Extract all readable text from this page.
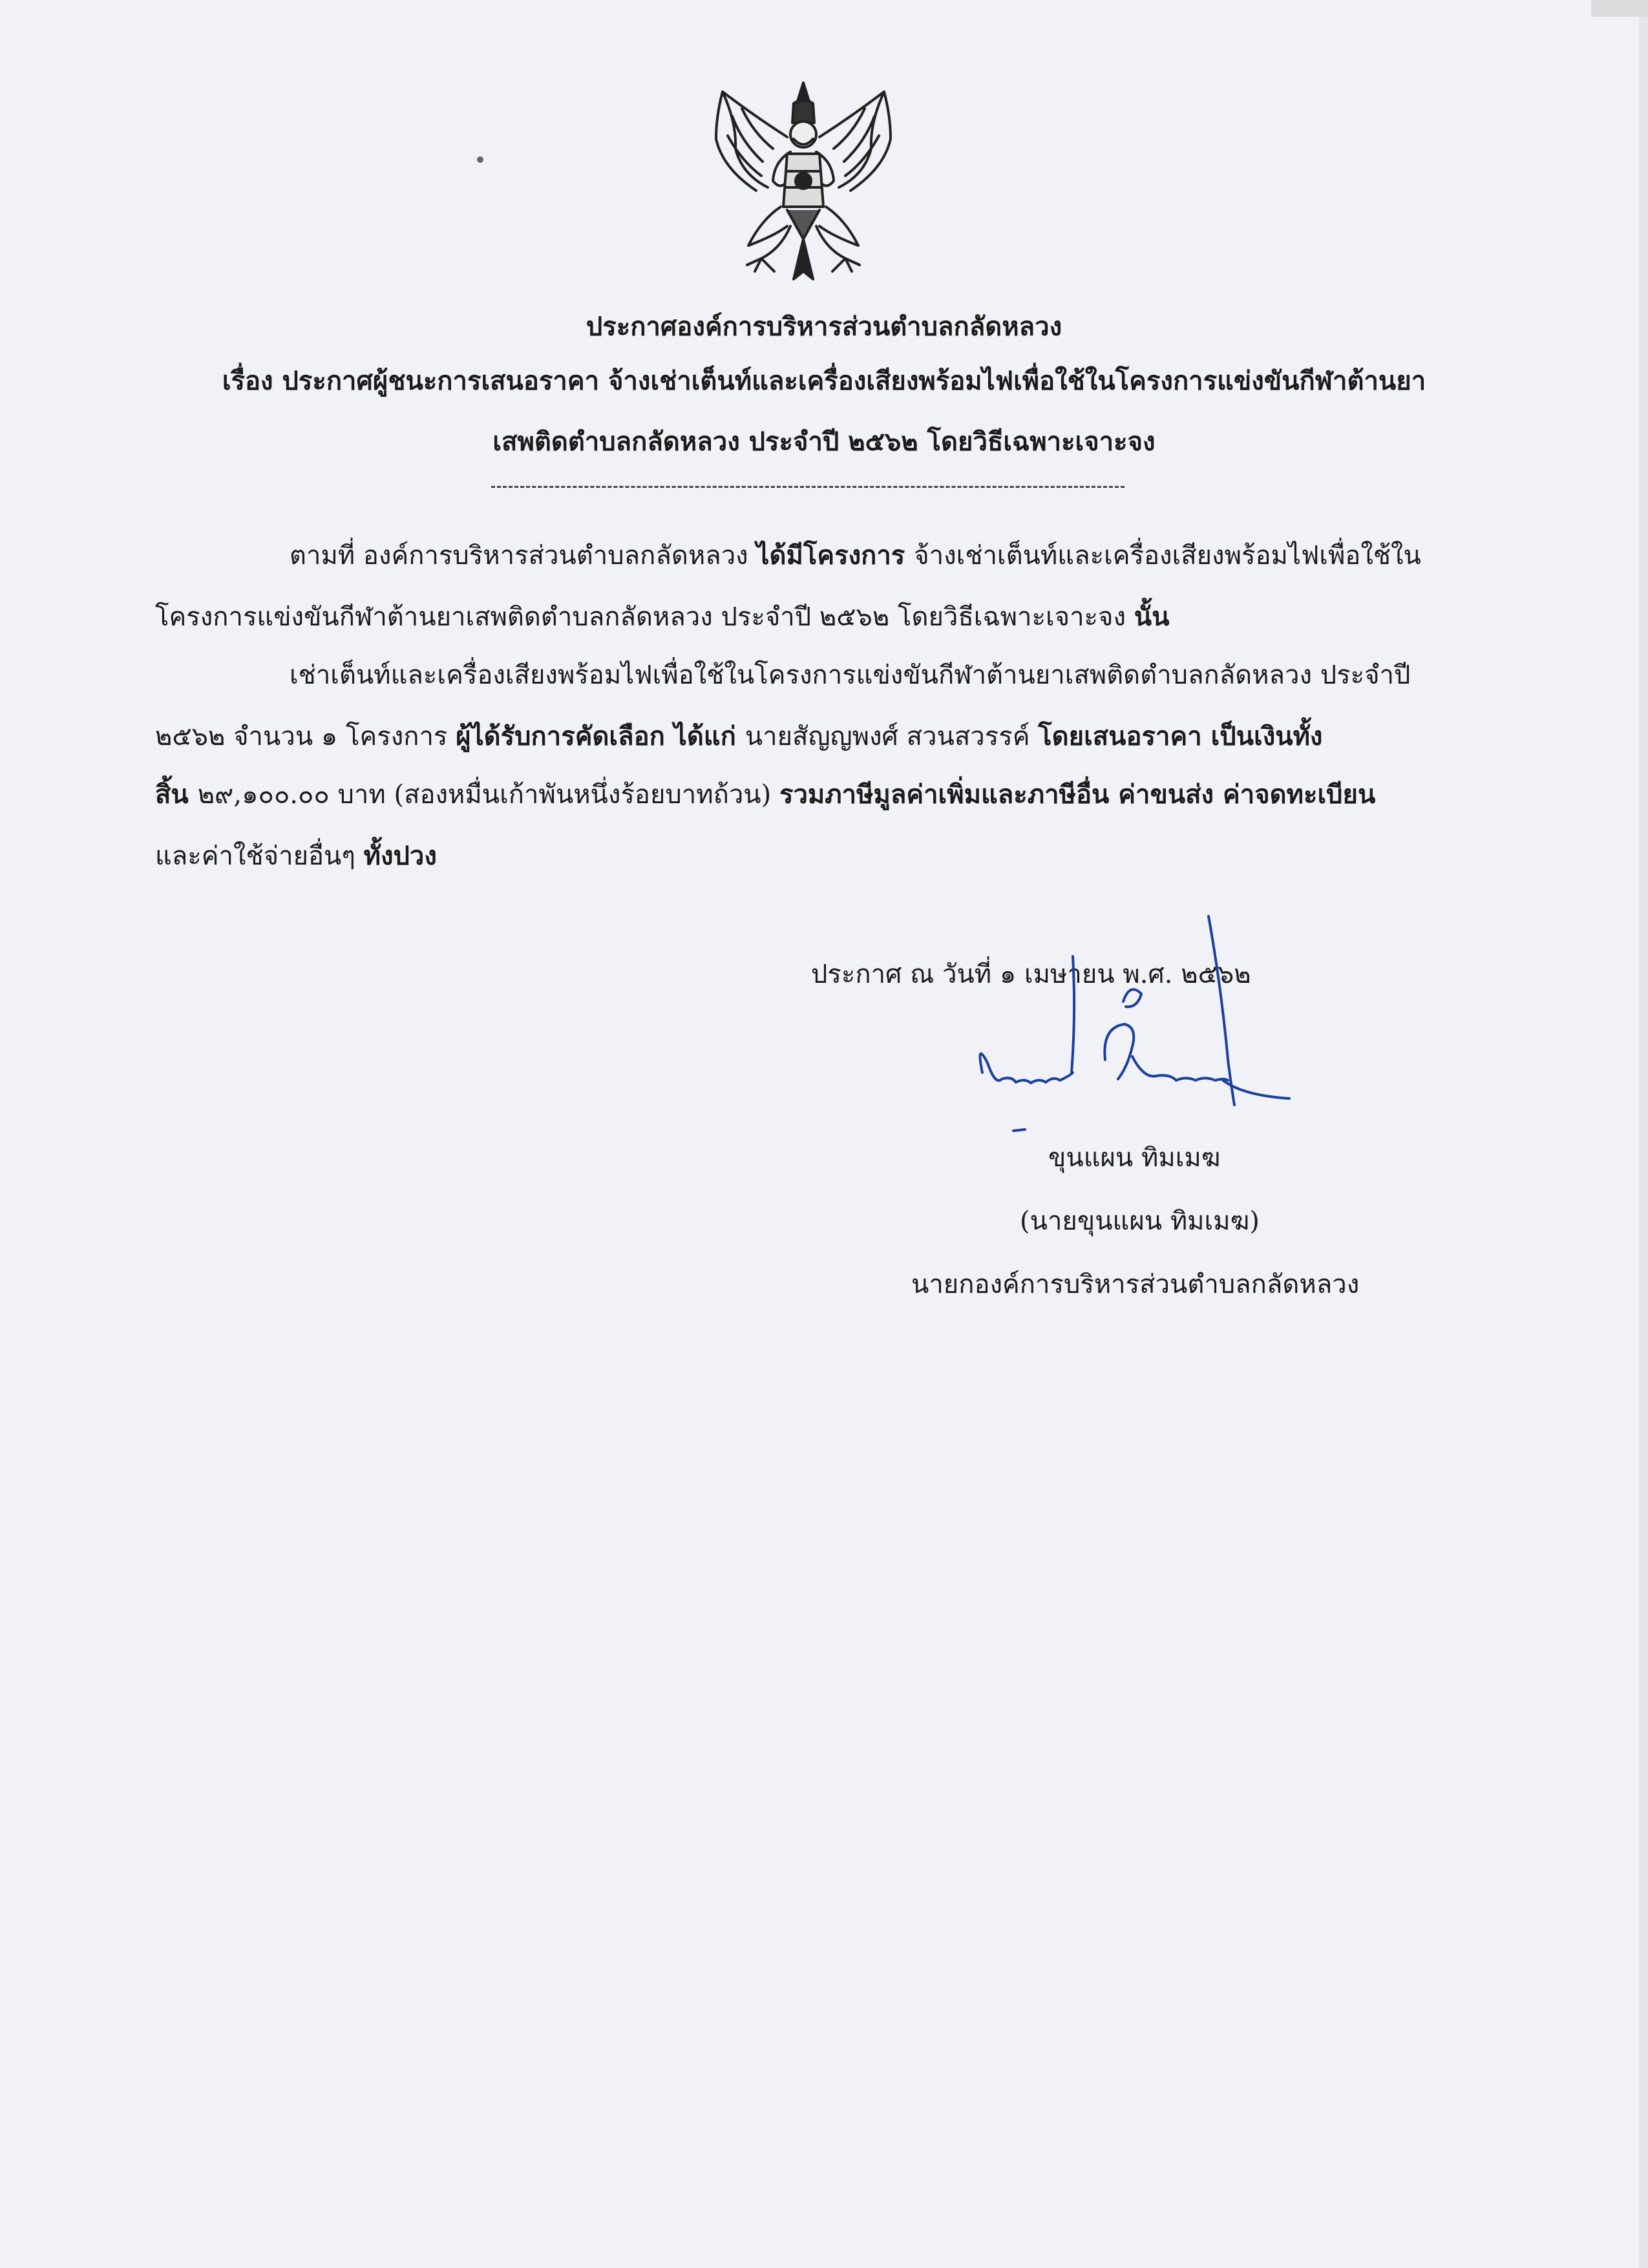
ประกาศองค์การบริหารส่วนตำบลกลัดหลวง
เรื่อง ประกาศผู้ชนะการเสนอราคา จ้างเช่าเต็นท์และเครื่องเสียงพร้อมไฟเพื่อใช้ในโครงการแข่งขันกีฬาต้านยา
เสพติดตำบลกลัดหลวง ประจำปี ๒๕๖๒ โดยวิธีเฉพาะเจาะจง
ตามที่ องค์การบริหารส่วนตำบลกลัดหลวง ได้มีโครงการ จ้างเช่าเต็นท์และเครื่องเสียงพร้อมไฟเพื่อใช้ใน
โครงการแข่งขันกีฬาต้านยาเสพติดตำบลกลัดหลวง ประจำปี ๒๕๖๒ โดยวิธีเฉพาะเจาะจง นั้น
เช่าเต็นท์และเครื่องเสียงพร้อมไฟเพื่อใช้ในโครงการแข่งขันกีฬาต้านยาเสพติดตำบลกลัดหลวง ประจำปี
๒๕๖๒ จำนวน ๑ โครงการ ผู้ได้รับการคัดเลือก ได้แก่ นายสัญญพงศ์ สวนสวรรค์ โดยเสนอราคา เป็นเงินทั้ง
สิ้น ๒๙,๑๐๐.๐๐ บาท (สองหมื่นเก้าพันหนึ่งร้อยบาทถ้วน) รวมภาษีมูลค่าเพิ่มและภาษีอื่น ค่าขนส่ง ค่าจดทะเบียน
และค่าใช้จ่ายอื่นๆ ทั้งปวง
ประกาศ ณ วันที่ ๑ เมษายน พ.ศ. ๒๕๖๒
ขุนแผน ทิมเมฆ
(นายขุนแผน ทิมเมฆ)
นายกองค์การบริหารส่วนตำบลกลัดหลวง
